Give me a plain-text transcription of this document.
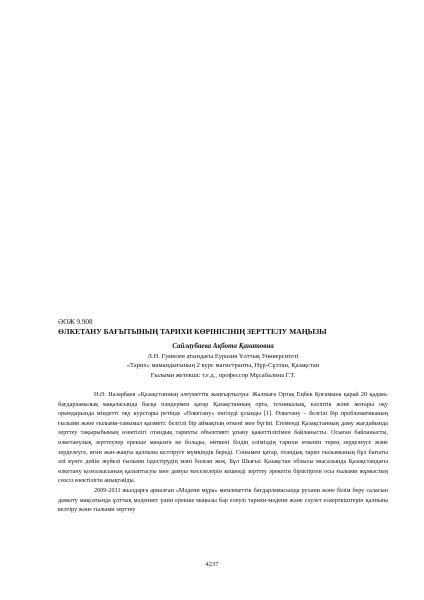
ӘОЖ 9.908
ӨЛКЕТАНУ БАҒЫТЫНЫҢ ТАРИХИ КӨРІНІСІНІҢ ЗЕРТТЕЛУ МАҢЫЗЫ
Сайлаубаева Ақбота Қанатовна
Л.Н. Гумилев атындағы Еуразия Ұлттық Университеті
«Тарих» мамандығының 2 курс магистранты, Нұр-Сұлтан, Қазақстан
Ғылыми жетекші: т.ғ.д., профессор Мұсабалина Г.Т.

Н.Ә. Назарбаев «Қазақстанның әлеуметтік жаңғыртылуы: Жалпыға Ортақ Еңбек Қоғамына қарай 20 қадам» бағдарламалық мақаласында басқа пәндермен қатар Қазақстанның орта, техникалық, кәсіптік және жоғары оқу орындарында міндетті оқу курстары ретінде «Өлкетану» енгізуді ұсынды [1]. Өлкетану – белгілі бір проблематиканың ғылыми және ғылыми-танымал қызметі: белгілі бір аймақтың өткені мен бүгіні. Егеменді Қазақстанның даму жағдайында зерттеу тақырыбының өзектілігі отандық тарихты объективті ұғыну қажеттілігімен байланысты. Осыған байланысты, өлкетанулық зерттеулер ерекше маңызға ие болады, өйткені біздің еліміздің тарихи өткенін терең зерделеуге және зерделеуге, яғни жан-жақты қалпына келтіруге мүмкіндік береді. Сонымен қатар, отандық тарих ғылымының бұл бағыты әлі күнге дейін жүйелі ғылыми іздестірудің мәні болған жоқ. Бұл Шығыс Қазақстан облысы мысалында Қазақстандағы өлкетану қозғалысының қалыптасуы мен дамуы мәселелерін кешенді зерттеу әрекетін біріктірген осы ғылыми жұмыстың сөзсіз өзектілігін анықтайды.

2009-2011 жылдарға арналған «Мәдени мұра» мемлекеттік бағдарламасында рухани және білім беру саласын дамыту мақсатында ұлттық мәдениет үшін ерекше маңызы бар елеулі тарихи-мәдени және сәулет ескерткіштерін қалпына келтіру және ғылыми зерттеу

4237
